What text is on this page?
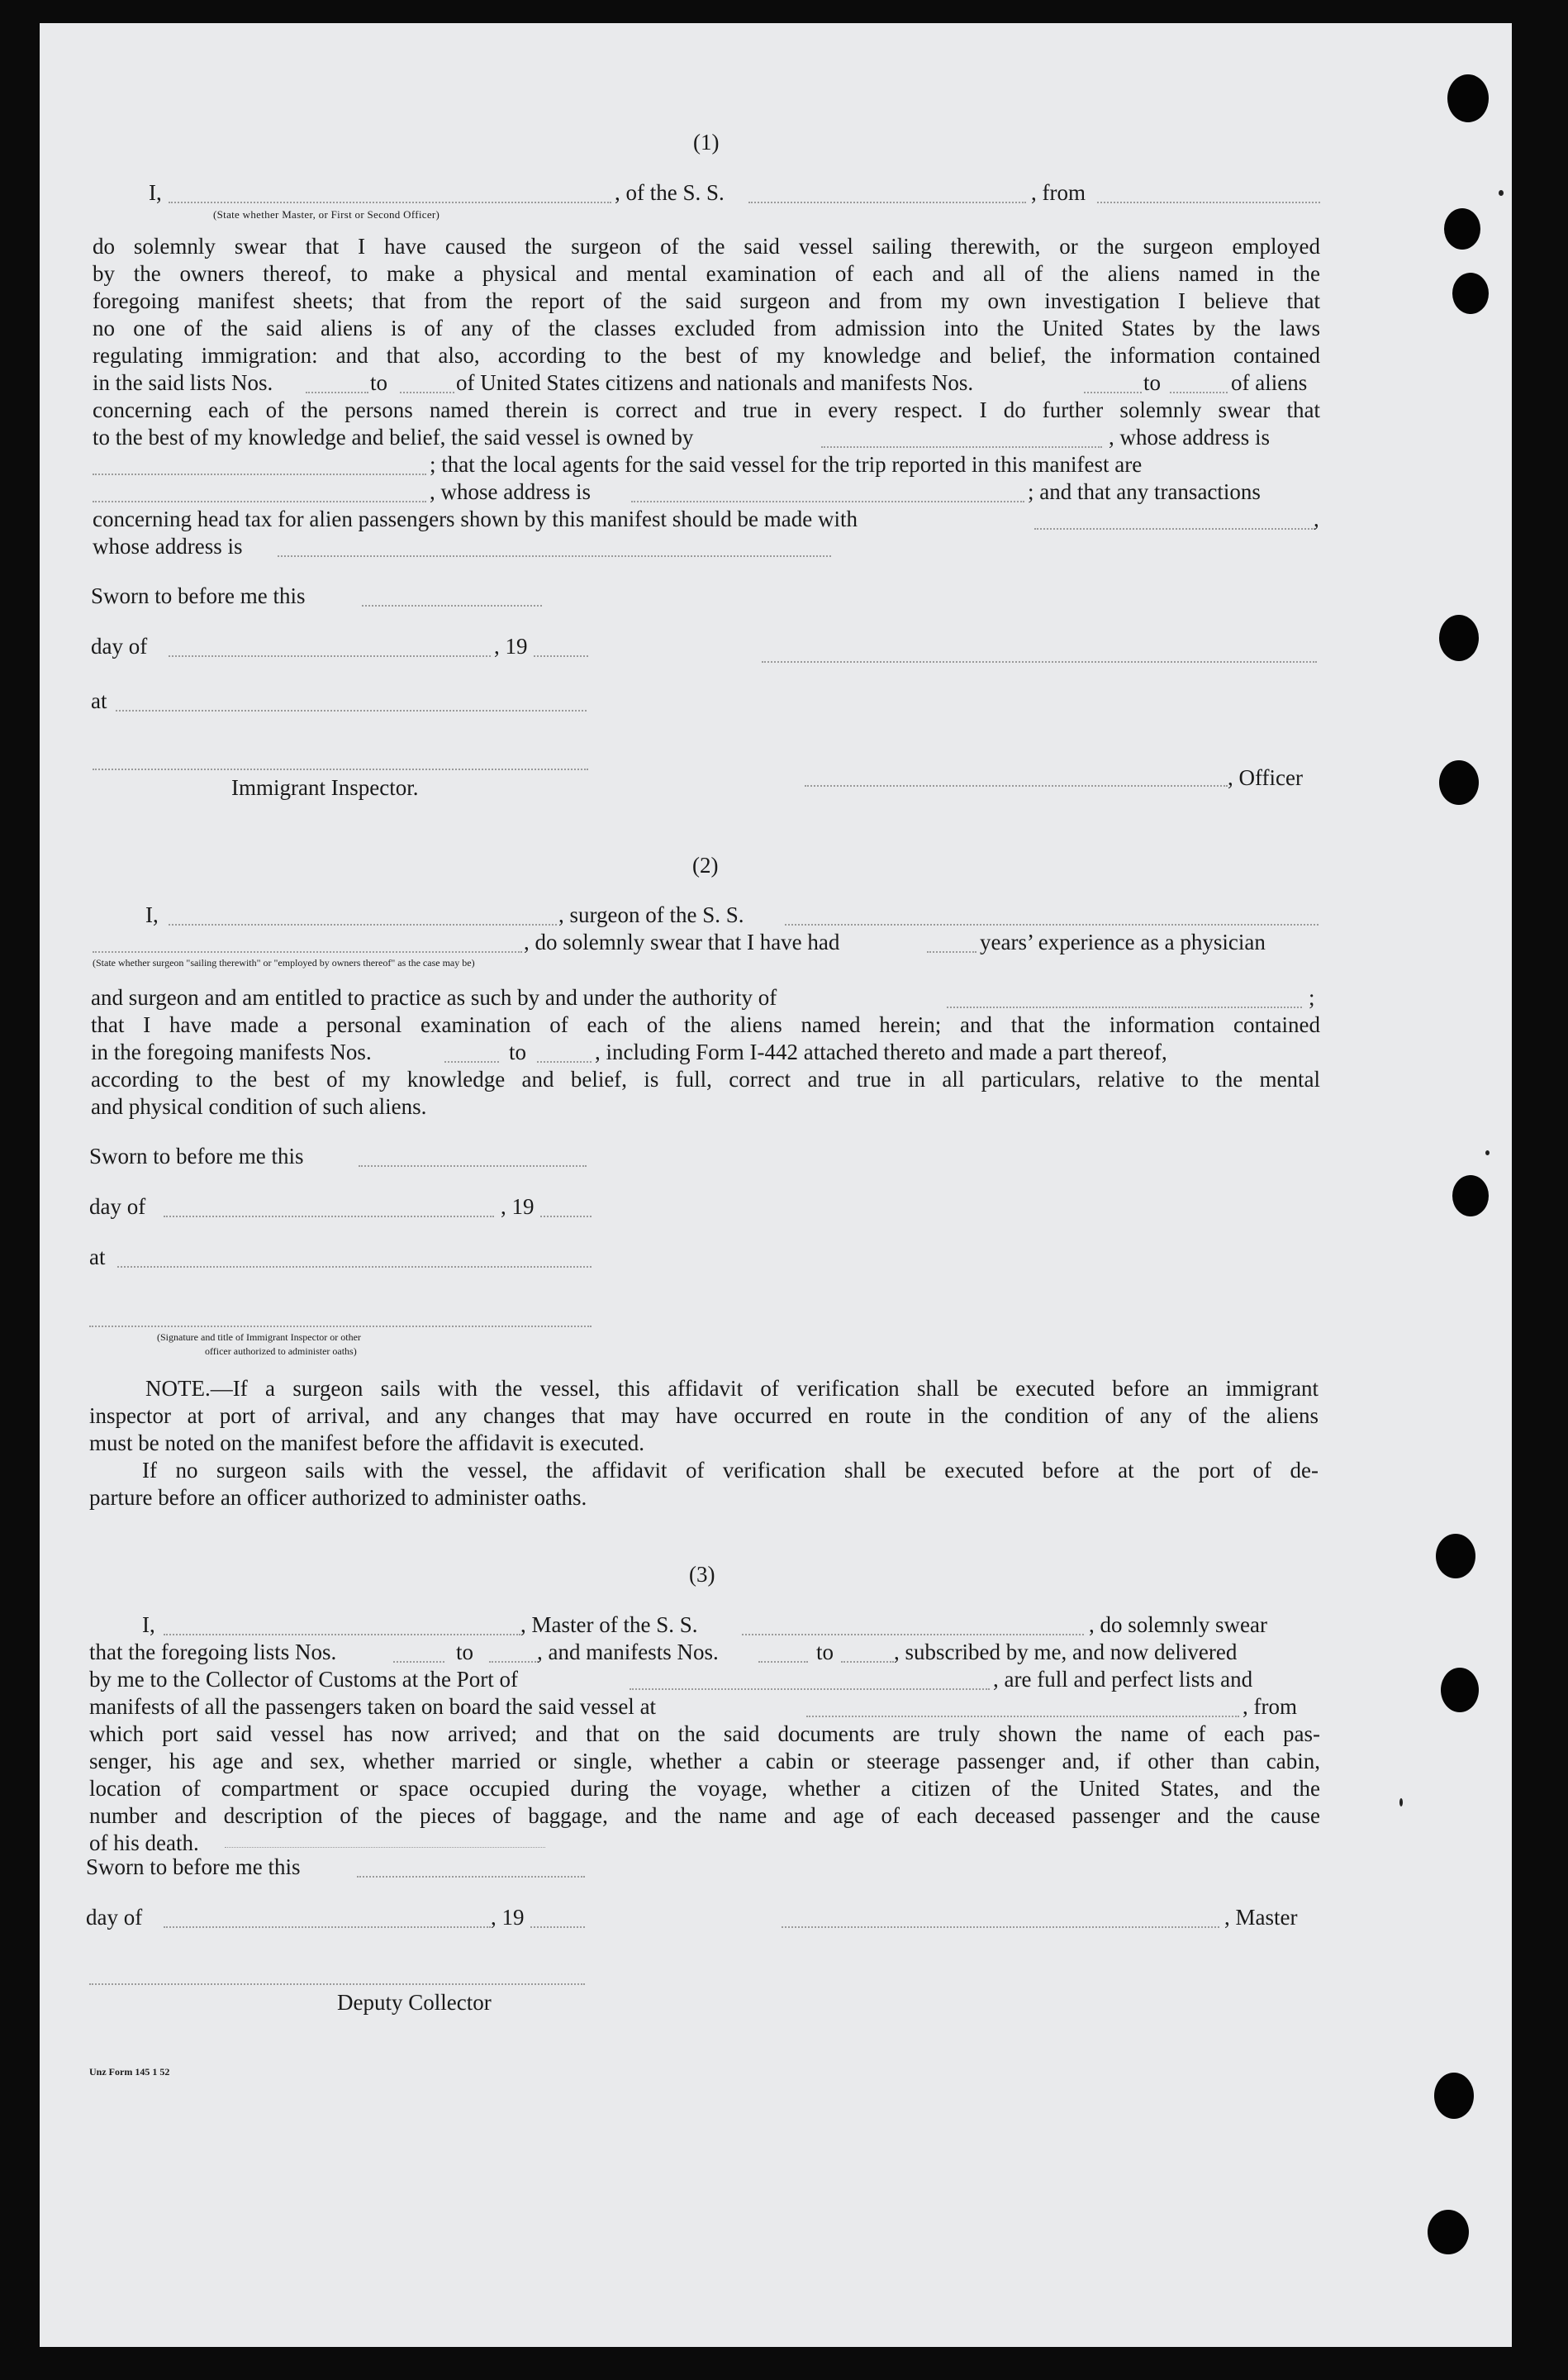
(1)
I,	, of the S. S.	, from
(State whether Master, or First or Second Officer)
do solemnly swear that I have caused the surgeon of the said vessel sailing therewith, or the surgeon employed
by the owners thereof, to make a physical and mental examination of each and all of the aliens named in the
foregoing manifest sheets; that from the report of the said surgeon and from my own investigation I believe that
no one of the said aliens is of any of the classes excluded from admission into the United States by the laws
regulating immigration: and that also, according to the best of my knowledge and belief, the information contained
in the said lists Nos.	to	of United States citizens and nationals and manifests Nos.	to	of aliens
concerning each of the persons named therein is correct and true in every respect. I do further solemnly swear that
to the best of my knowledge and belief, the said vessel is owned by	, whose address is
; that the local agents for the said vessel for the trip reported in this manifest are
, whose address is	; and that any transactions
concerning head tax for alien passengers shown by this manifest should be made with	,
whose address is
Sworn to before me this
day of	, 19
at
Immigrant Inspector.	, Officer
(2)
I,	, surgeon of the S. S.
, do solemnly swear that I have had	years’ experience as a physician
(State whether surgeon "sailing therewith" or "employed by owners thereof" as the case may be)
and surgeon and am entitled to practice as such by and under the authority of	;
that I have made a personal examination of each of the aliens named herein; and that the information contained
in the foregoing manifests Nos.	to	, including Form I-442 attached thereto and made a part thereof,
according to the best of my knowledge and belief, is full, correct and true in all particulars, relative to the mental
and physical condition of such aliens.
Sworn to before me this
day of	, 19
at
(Signature and title of Immigrant Inspector or other
officer authorized to administer oaths)
NOTE.—If a surgeon sails with the vessel, this affidavit of verification shall be executed before an immigrant
inspector at port of arrival, and any changes that may have occurred en route in the condition of any of the aliens
must be noted on the manifest before the affidavit is executed.
If no surgeon sails with the vessel, the affidavit of verification shall be executed before at the port of de-
parture before an officer authorized to administer oaths.
(3)
I,	, Master of the S. S.	, do solemnly swear
that the foregoing lists Nos.	to	, and manifests Nos.	to	, subscribed by me, and now delivered
by me to the Collector of Customs at the Port of	, are full and perfect lists and
manifests of all the passengers taken on board the said vessel at	, from
which port said vessel has now arrived; and that on the said documents are truly shown the name of each pas-
senger, his age and sex, whether married or single, whether a cabin or steerage passenger and, if other than cabin,
location of compartment or space occupied during the voyage, whether a citizen of the United States, and the
number and description of the pieces of baggage, and the name and age of each deceased passenger and the cause
of his death.
Sworn to before me this
day of	, 19	, Master
Deputy Collector
Unz Form 145 1 52
